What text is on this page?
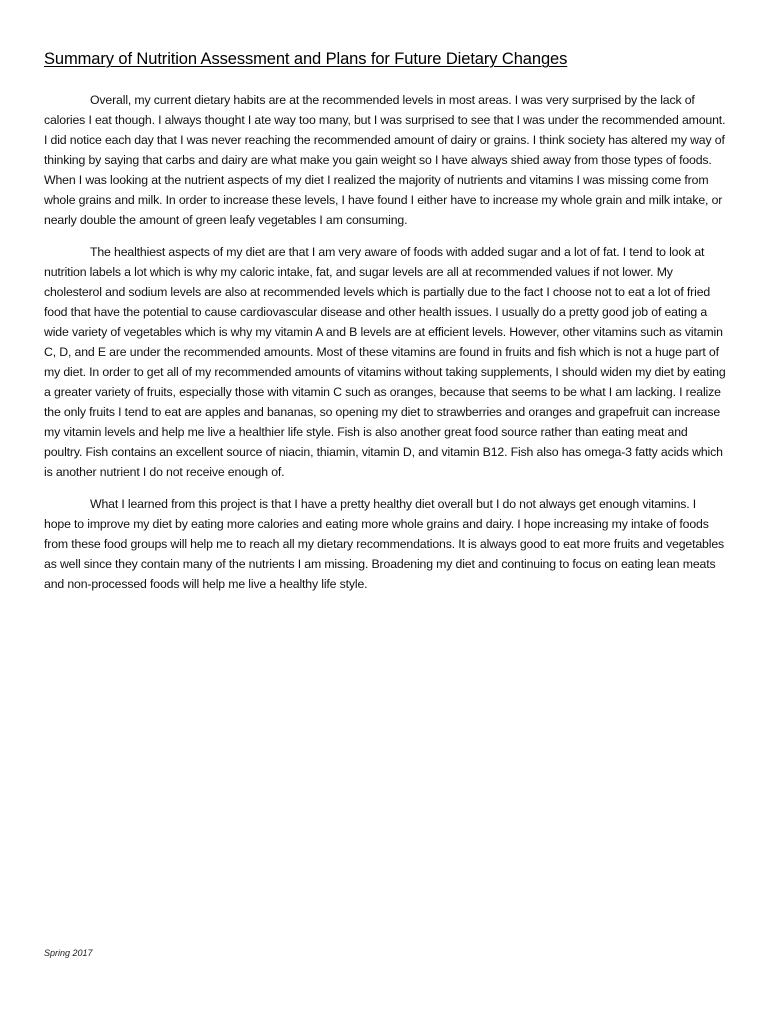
Summary of Nutrition Assessment and Plans for Future Dietary Changes

Overall, my current dietary habits are at the recommended levels in most areas. I was very surprised by the lack of calories I eat though. I always thought I ate way too many, but I was surprised to see that I was under the recommended amount. I did notice each day that I was never reaching the recommended amount of dairy or grains. I think society has altered my way of thinking by saying that carbs and dairy are what make you gain weight so I have always shied away from those types of foods. When I was looking at the nutrient aspects of my diet I realized the majority of nutrients and vitamins I was missing come from whole grains and milk. In order to increase these levels, I have found I either have to increase my whole grain and milk intake, or nearly double the amount of green leafy vegetables I am consuming.

The healthiest aspects of my diet are that I am very aware of foods with added sugar and a lot of fat. I tend to look at nutrition labels a lot which is why my caloric intake, fat, and sugar levels are all at recommended values if not lower. My cholesterol and sodium levels are also at recommended levels which is partially due to the fact I choose not to eat a lot of fried food that have the potential to cause cardiovascular disease and other health issues. I usually do a pretty good job of eating a wide variety of vegetables which is why my vitamin A and B levels are at efficient levels. However, other vitamins such as vitamin C, D, and E are under the recommended amounts. Most of these vitamins are found in fruits and fish which is not a huge part of my diet. In order to get all of my recommended amounts of vitamins without taking supplements, I should widen my diet by eating a greater variety of fruits, especially those with vitamin C such as oranges, because that seems to be what I am lacking. I realize the only fruits I tend to eat are apples and bananas, so opening my diet to strawberries and oranges and grapefruit can increase my vitamin levels and help me live a healthier life style. Fish is also another great food source rather than eating meat and poultry. Fish contains an excellent source of niacin, thiamin, vitamin D, and vitamin B12. Fish also has omega-3 fatty acids which is another nutrient I do not receive enough of.

What I learned from this project is that I have a pretty healthy diet overall but I do not always get enough vitamins. I hope to improve my diet by eating more calories and eating more whole grains and dairy. I hope increasing my intake of foods from these food groups will help me to reach all my dietary recommendations. It is always good to eat more fruits and vegetables as well since they contain many of the nutrients I am missing. Broadening my diet and continuing to focus on eating lean meats and non-processed foods will help me live a healthy life style.

Spring 2017
